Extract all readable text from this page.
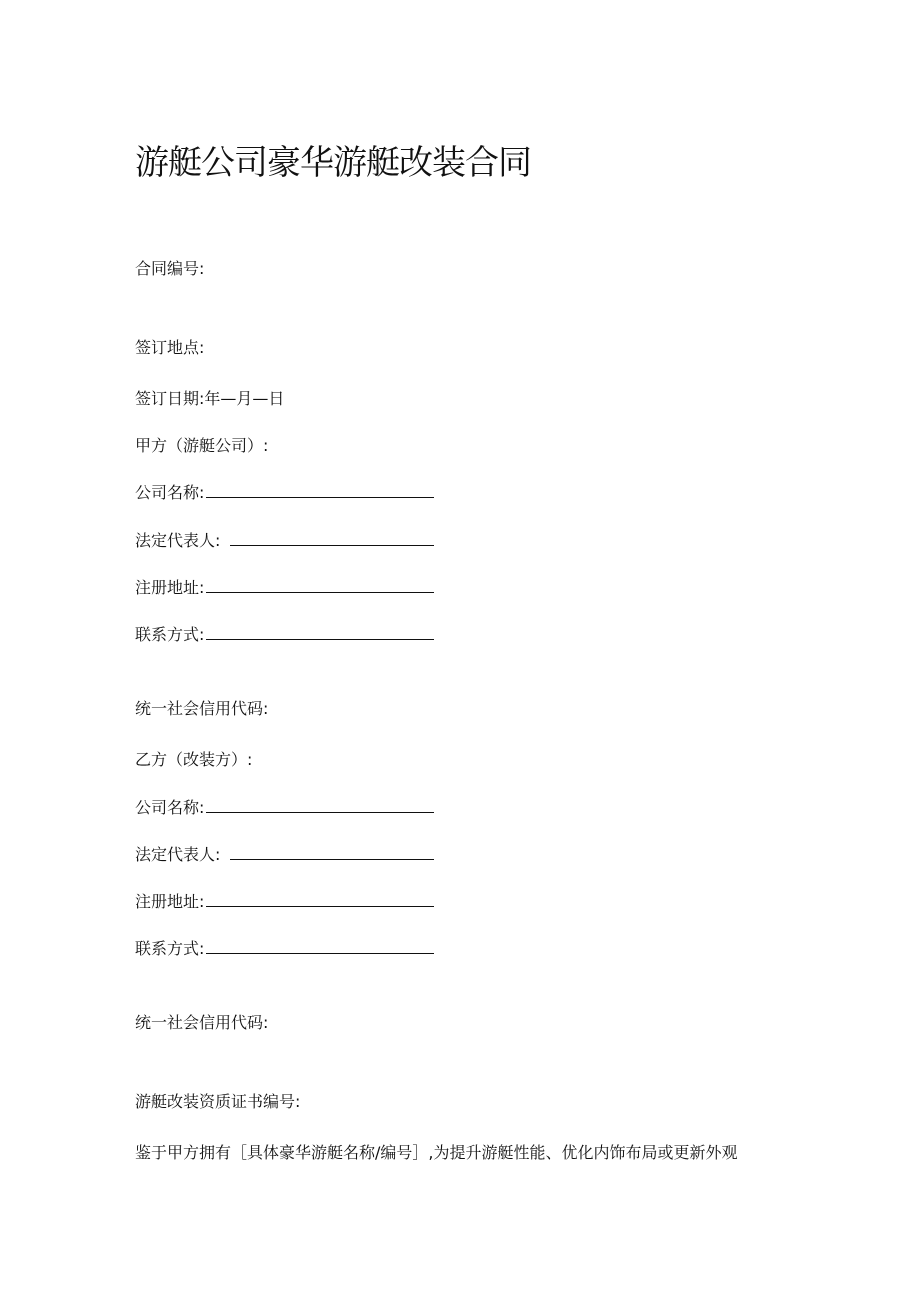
游艇公司豪华游艇改装合同
合同编号:
签订地点:
签订日期:年—月—日
甲方（游艇公司）:
公司名称:
法定代表人:
注册地址:
联系方式:
统一社会信用代码:
乙方（改装方）:
公司名称:
法定代表人:
注册地址:
联系方式:
统一社会信用代码:
游艇改装资质证书编号:
鉴于甲方拥有［具体豪华游艇名称/编号］,为提升游艇性能、优化内饰布局或更新外观
